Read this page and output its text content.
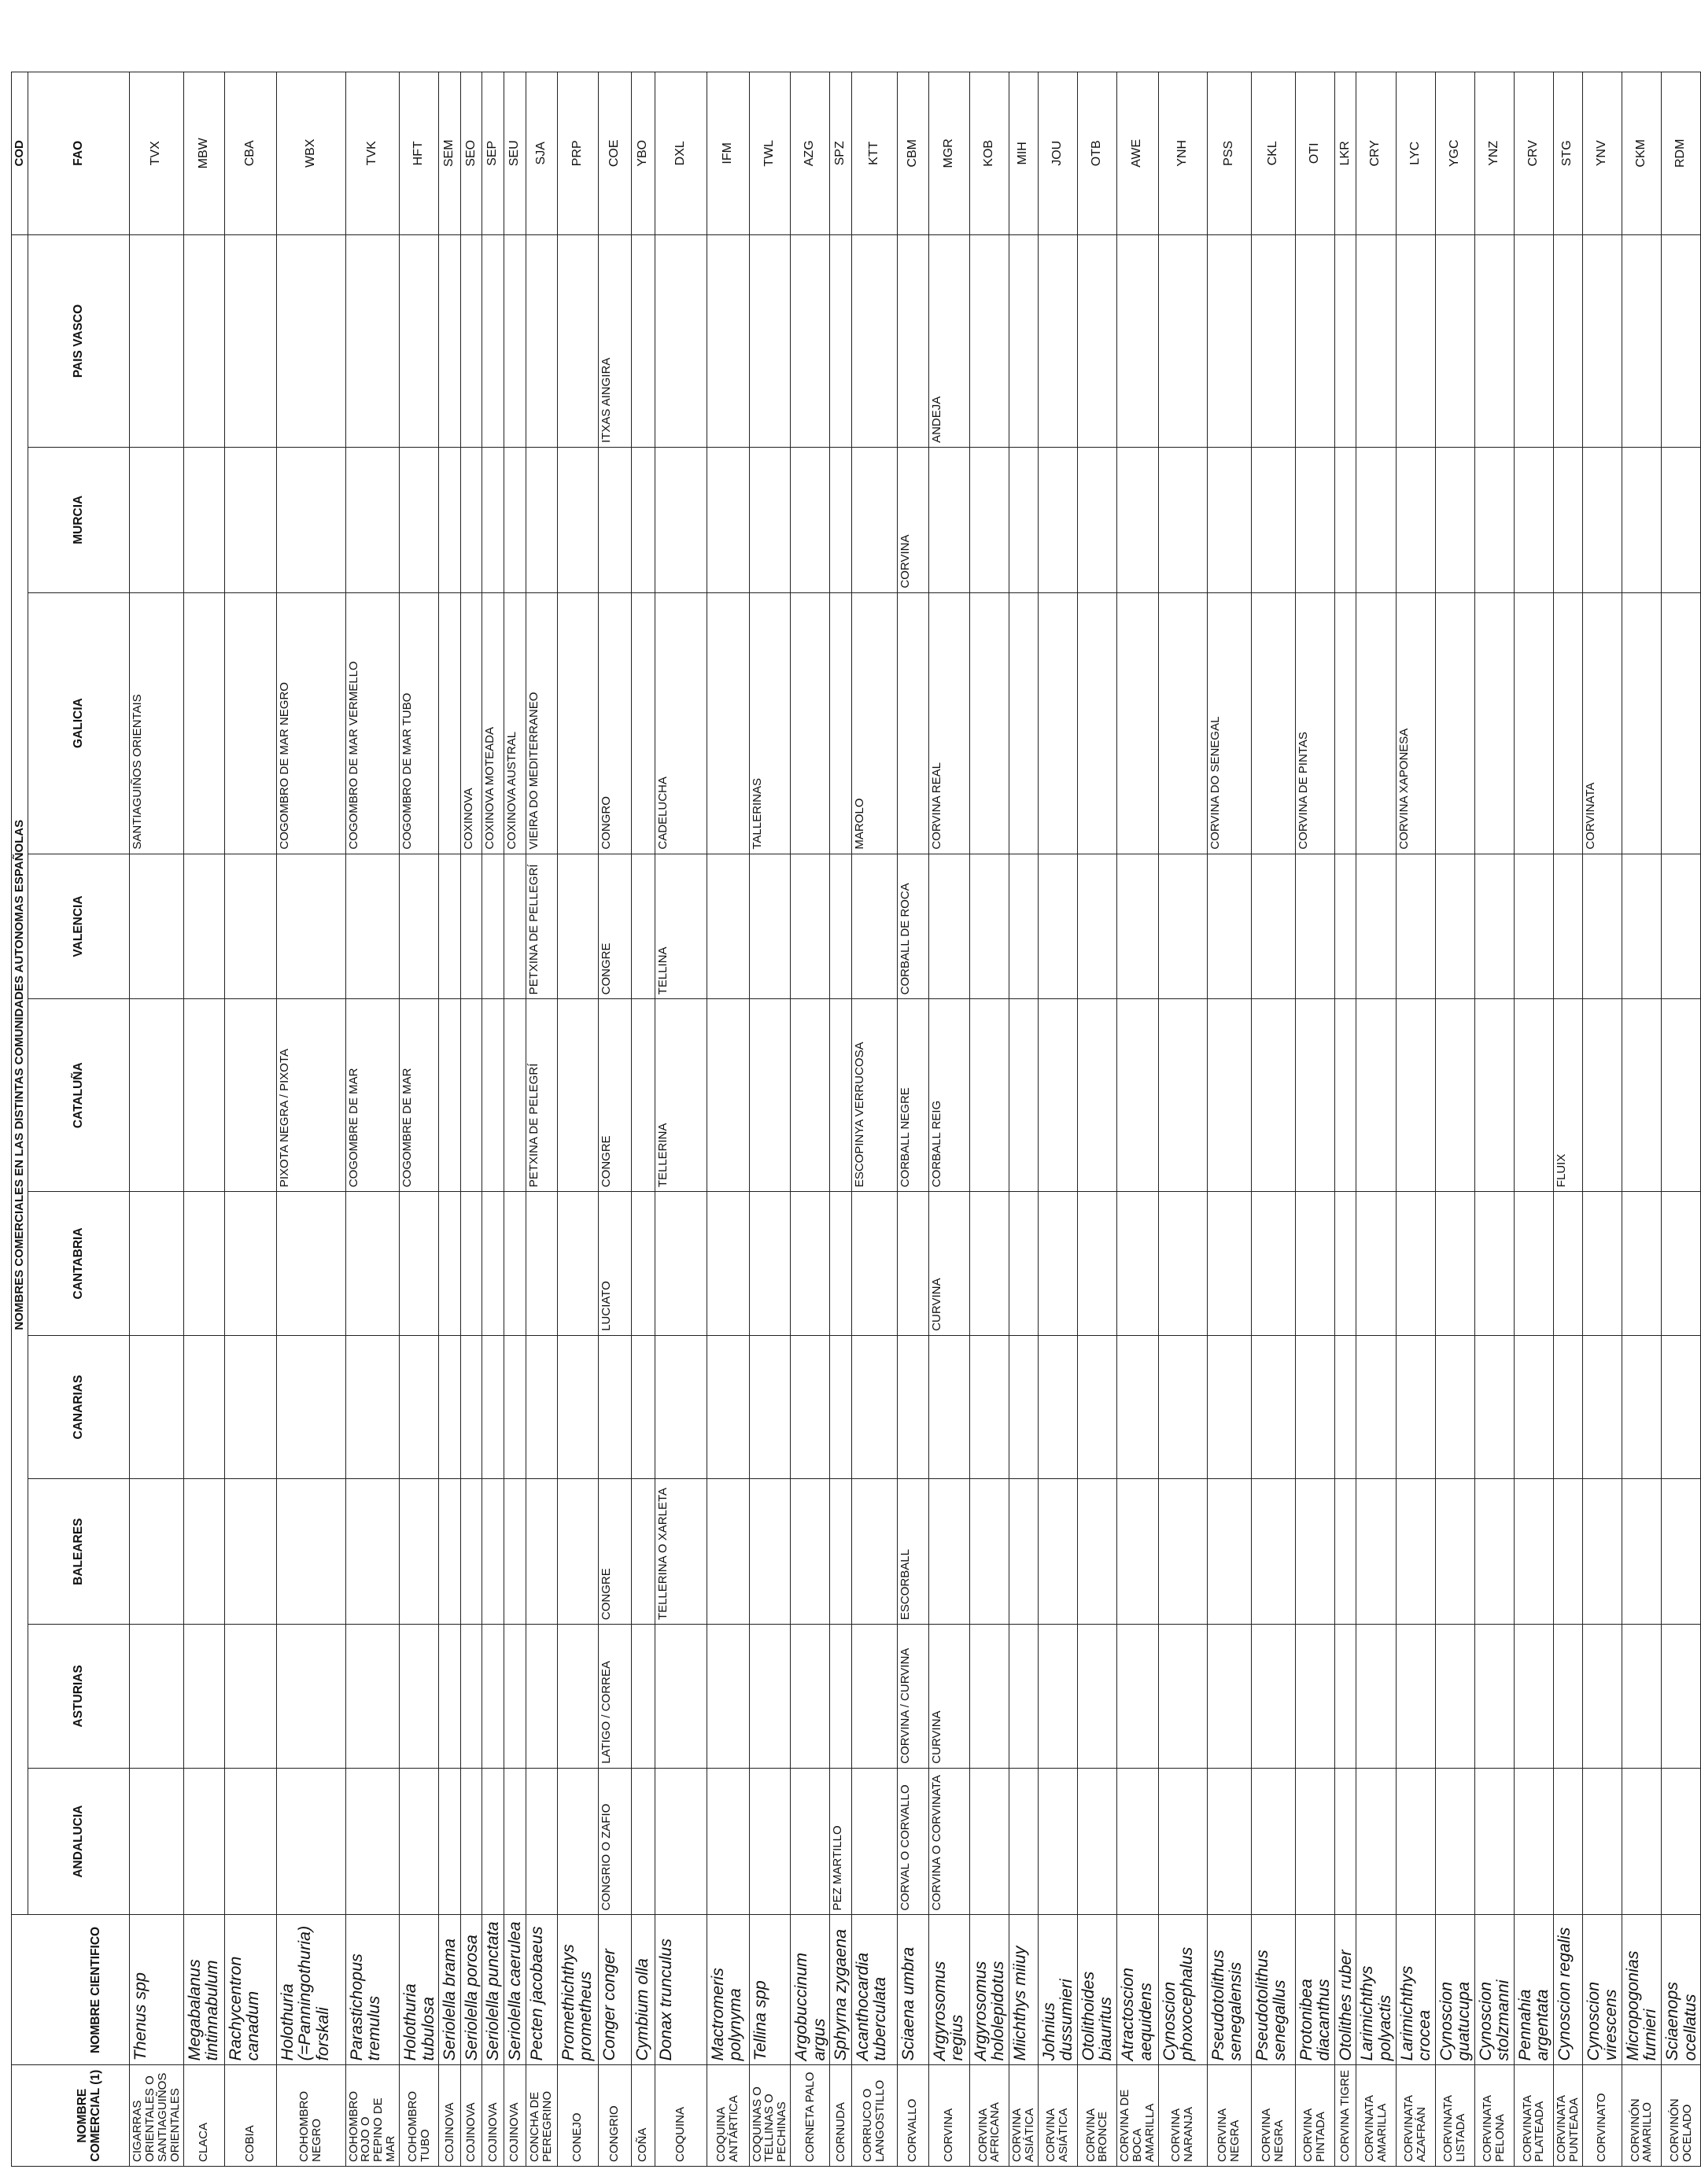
NOMBRE COMERCIAL (1)	NOMBRE CIENTIFICO	NOMBRES COMERCIALES EN LAS DISTINTAS COMUNIDADES AUTONOMAS ESPAÑOLAS										COD
		ANDALUCIA	ASTURIAS	BALEARES	CANARIAS	CANTABRIA	CATALUÑA	VALENCIA	GALICIA	MURCIA	PAIS VASCO	FAO
CIGARRAS ORIENTALES O SANTIAGUIÑOS ORIENTALES	Thenus spp								SANTIAGUIÑOS ORIENTAIS			TVX
CLACA	Megabalanus tintinnabulum											MBW
COBIA	Rachycentron canadum											CBA
COHOMBRO NEGRO	Holothuria (=Panningothuria) forskali						PIXOTA NEGRA / PIXOTA		COGOMBRO DE MAR NEGRO			WBX
COHOMBRO ROJO O PEPINO DE MAR	Parastichopus tremulus						COGOMBRE DE MAR		COGOMBRO DE MAR VERMELLO			TVK
COHOMBRO TUBO	Holothuria tubulosa						COGOMBRE DE MAR		COGOMBRO DE MAR TUBO			HFT
COJINOVA	Seriolella brama											SEM
COJINOVA	Seriolella porosa								COXINOVA			SEO
COJINOVA	Seriolella punctata								COXINOVA MOTEADA			SEP
COJINOVA	Seriolella caerulea								COXINOVA AUSTRAL			SEU
CONCHA DE PEREGRINO	Pecten jacobaeus						PETXINA DE PELEGRÍ	PETXINA DE PELLEGRÍ	VIEIRA DO MEDITERRANEO			SJA
CONEJO	Promethichthys prometheus											PRP
CONGRIO	Conger conger	CONGRIO O ZAFIO	LATIGO / CORREA	CONGRE		LUCIATO	CONGRE	CONGRE	CONGRO		ITXAS AINGIRA	COE
COÑA	Cymbium olla											YBO
COQUINA	Donax trunculus			TELLERINA O XARLETA			TELLERINA	TELLINA	CADELUCHA			DXL
COQUINA ANTÁRTICA	Mactromeris polynyma											IFM
COQUINAS O TELLINAS O PECHINAS	Tellina spp								TALLERINAS			TWL
CORNETA PALO	Argobuccinum argus											AZG
CORNUDA	Sphyrna zygaena	PEZ MARTILLO										SPZ
CORRUCO O LANGOSTILLO	Acanthocardia tuberculata						ESCOPINYA VERRUCOSA		MAROLO			KTT
CORVALLO	Sciaena umbra	CORVAL O CORVALLO	CORVINA / CURVINA	ESCORBALL			CORBALL NEGRE	CORBALL DE ROCA		CORVINA		CBM
CORVINA	Argyrosomus regius	CORVINA O CORVINATA	CURVINA			CURVINA	CORBALL REIG		CORVINA REAL		ANDEJA	MGR
CORVINA AFRICANA	Argyrosomus hololepidotus											KOB
CORVINA ASIÁTICA	Miichthys miiuy											MIH
CORVINA ASIÁTICA	Johnius dussumieri											JOU
CORVINA BRONCE	Otolithoides biauritus											OTB
CORVINA DE BOCA AMARILLA	Atractoscion aequidens											AWE
CORVINA NARANJA	Cynoscion phoxocephalus											YNH
CORVINA NEGRA	Pseudotolithus senegalensis								CORVINA DO SENEGAL			PSS
CORVINA NEGRA	Pseudotolithus senegallus											CKL
CORVINA PINTADA	Protonibea diacanthus								CORVINA DE PINTAS			OTI
CORVINA TIGRE	Otolithes ruber											LKR
CORVINATA AMARILLA	Larimichthys polyactis											CRY
CORVINATA AZAFRÁN	Larimichthys crocea								CORVINA XAPONESA			LYC
CORVINATA LISTADA	Cynoscion guatucupa											YGC
CORVINATA PELONA	Cynoscion stolzmanni											YNZ
CORVINATA PLATEADA	Pennahia argentata											CRV
CORVINATA PUNTEADA	Cynoscion regalis						FLUIX					STG
CORVINATO	Cynoscion virescens								CORVINATA			YNV
CORVINÓN AMARILLO	Micropogonias furnieri											CKM
CORVINÓN OCELADO	Sciaenops ocellatus											RDM
